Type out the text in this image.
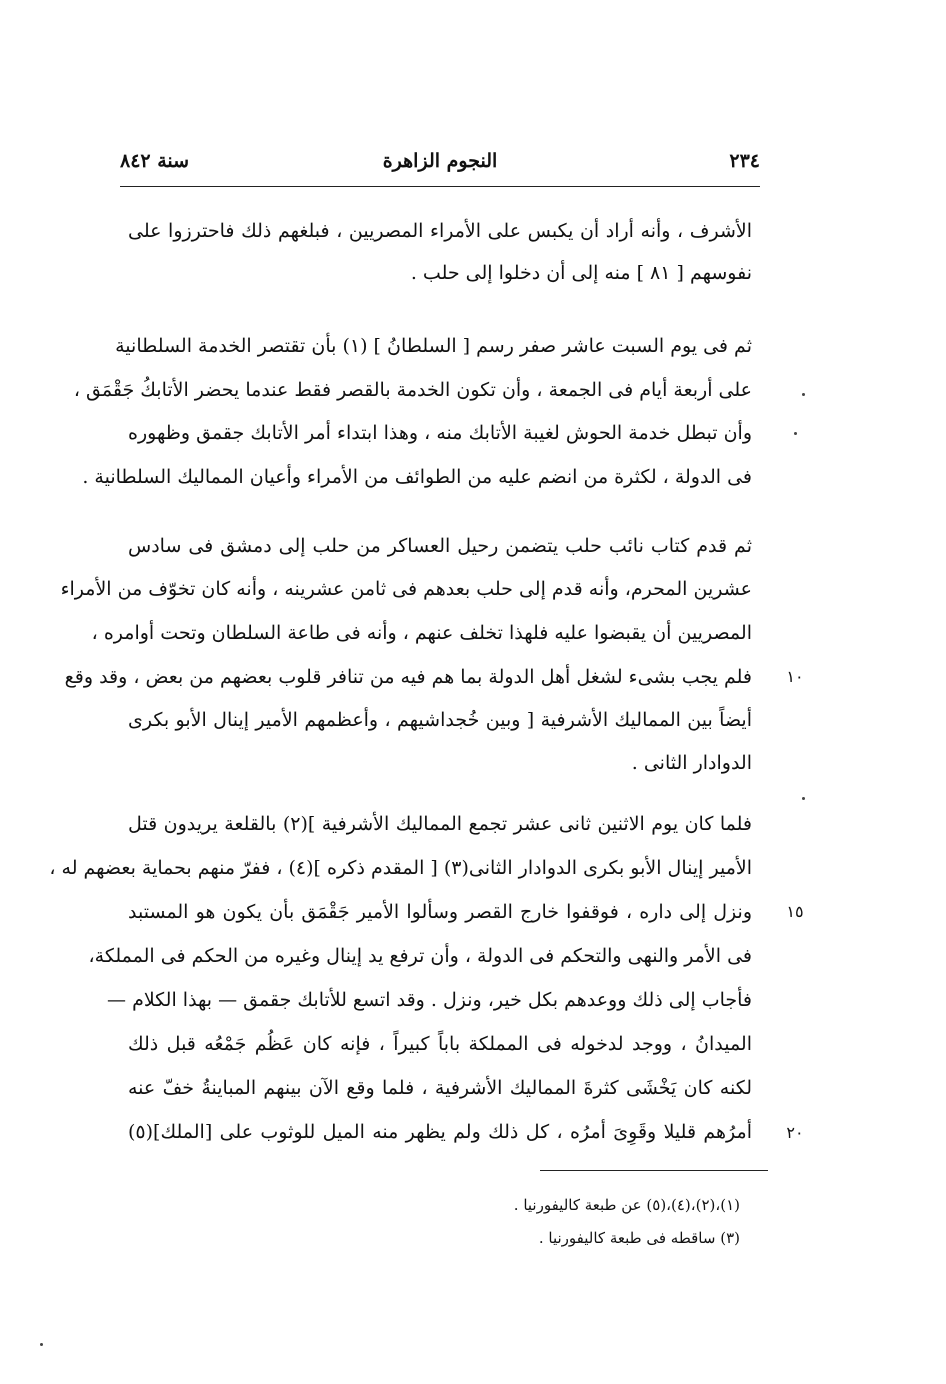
٢٣٤
النجوم الزاهرة
سنة ٨٤٢
الأشرف ، وأنه أراد أن يكبس على الأمراء المصريين ، فبلغهم ذلك فاحترزوا على
نفوسهم [ ٨١ ] منه إلى أن دخلوا إلى حلب .
ثم فى يوم السبت عاشر صفر رسم [ السلطانُ ] (١) بأن تقتصر الخدمة السلطانية
على أربعة أيام فى الجمعة ، وأن تكون الخدمة بالقصر فقط عندما يحضر الأتابكُ جَقْمَق ،
وأن تبطل خدمة الحوش لغيبة الأتابك منه ، وهذا ابتداء أمر الأتابك جقمق وظهوره
فى الدولة ، لكثرة من انضم عليه من الطوائف من الأمراء وأعيان المماليك السلطانية .
ثم قدم كتاب نائب حلب يتضمن رحيل العساكر من حلب إلى دمشق فى سادس
عشرين المحرم، وأنه قدم إلى حلب بعدهم فى ثامن عشرينه ، وأنه كان تخوّف من الأمراء
المصريين أن يقبضوا عليه فلهذا تخلف عنهم ، وأنه فى طاعة السلطان وتحت أوامره ،
فلم يجب بشىء لشغل أهل الدولة بما هم فيه من تنافر قلوب بعضهم من بعض ، وقد وقع
أيضاً بين المماليك الأشرفية [ وبين خُجداشيهم ، وأعظمهم الأمير إينال الأبو بكرى
الدوادار الثانى .
فلما كان يوم الاثنين ثانى عشر تجمع المماليك الأشرفية ](٢) بالقلعة يريدون قتل
الأمير إينال الأبو بكرى الدوادار الثانى(٣) [ المقدم ذكره ](٤) ، ففرّ منهم بحماية بعضهم له ،
ونزل إلى داره ، فوقفوا خارج القصر وسألوا الأمير جَقْمَق بأن يكون هو المستبد
فى الأمر والنهى والتحكم فى الدولة ، وأن ترفع يد إينال وغيره من الحكم فى المملكة،
فأجاب إلى ذلك ووعدهم بكل خير، ونزل . وقد اتسع للأتابك جقمق — بهذا الكلام —
الميدانُ ، ووجد لدخوله فى المملكة باباً كبيراً ، فإنه كان عَظُم جَمْعُه قبل ذلك
لكنه كان يَخْشَى كثرةَ المماليك الأشرفية ، فلما وقع الآن بينهم المباينةُ خفّ عنه
أمرُهم قليلا وقَوِىَ أمرُه ، كل ذلك ولم يظهر منه الميل للوثوب على [الملك](٥)
١٠
١٥
٢٠
(١)،(٢)،(٤)،(٥) عن طبعة كاليفورنيا .
(٣) ساقطه فى طبعة كاليفورنيا .
